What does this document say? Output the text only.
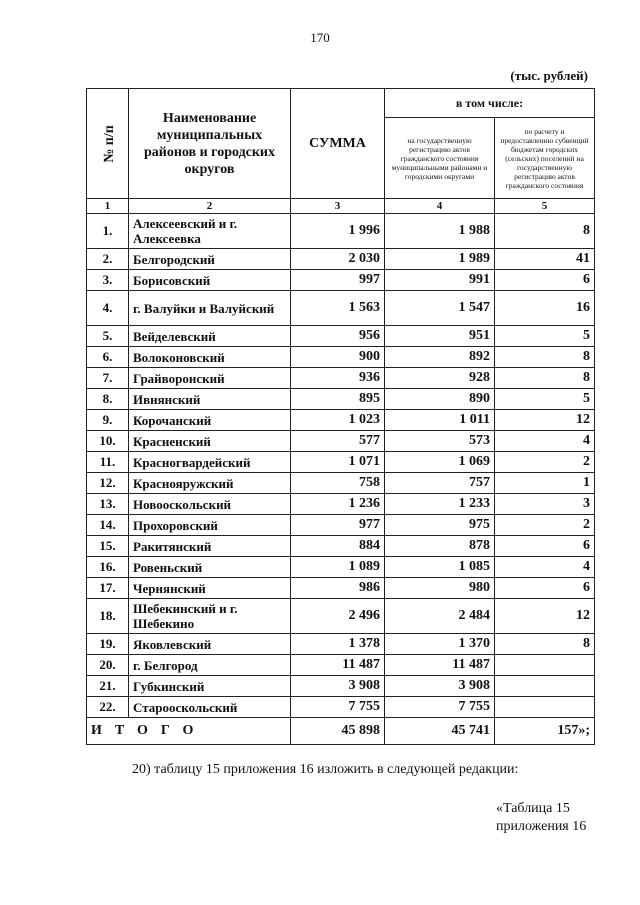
170
(тыс. рублей)
№ п/п	Наименование муниципальных районов и городских округов	СУММА	в том числе:	
			на государственную регистрацию актов гражданского состояния муниципальными районами и городскими округами	по расчету и предоставлению субвенций бюджетам городских (сельских) поселений на государственную регистрацию актов гражданского состояния
1	2	3	4	5
1.	Алексеевский и г. Алексеевка	1 996	1 988	8
2.	Белгородский	2 030	1 989	41
3.	Борисовский	997	991	6
4.	г. Валуйки и Валуйский	1 563	1 547	16
5.	Вейделевский	956	951	5
6.	Волоконовский	900	892	8
7.	Грайворонский	936	928	8
8.	Ивнянский	895	890	5
9.	Корочанский	1 023	1 011	12
10.	Красненский	577	573	4
11.	Красногвардейский	1 071	1 069	2
12.	Краснояружский	758	757	1
13.	Новооскольский	1 236	1 233	3
14.	Прохоровский	977	975	2
15.	Ракитянский	884	878	6
16.	Ровеньский	1 089	1 085	4
17.	Чернянский	986	980	6
18.	Шебекинский и г. Шебекино	2 496	2 484	12
19.	Яковлевский	1 378	1 370	8
20.	г. Белгород	11 487	11 487	
21.	Губкинский	3 908	3 908	
22.	Старооскольский	7 755	7 755	
ИТОГО		45 898	45 741	157»;
20) таблицу 15 приложения 16 изложить в следующей редакции:
«Таблица 15
приложения 16
